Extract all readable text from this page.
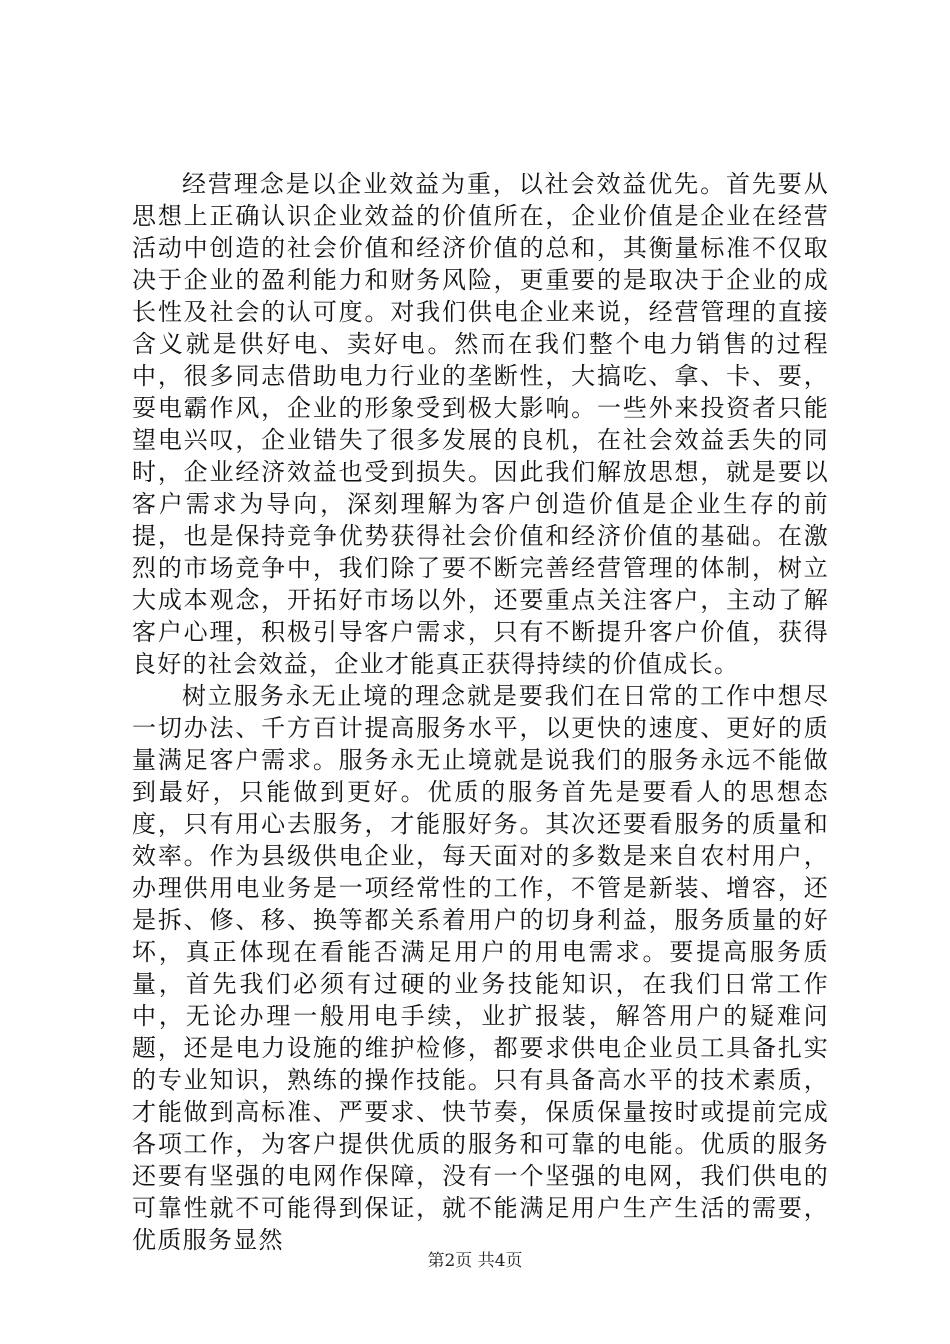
经营理念是以企业效益为重，以社会效益优先。首先要从思想上正确认识企业效益的价值所在，企业价值是企业在经营活动中创造的社会价值和经济价值的总和，其衡量标准不仅取决于企业的盈利能力和财务风险，更重要的是取决于企业的成长性及社会的认可度。对我们供电企业来说，经营管理的直接含义就是供好电、卖好电。然而在我们整个电力销售的过程中，很多同志借助电力行业的垄断性，大搞吃、拿、卡、要，耍电霸作风，企业的形象受到极大影响。一些外来投资者只能望电兴叹，企业错失了很多发展的良机，在社会效益丢失的同时，企业经济效益也受到损失。因此我们解放思想，就是要以客户需求为导向，深刻理解为客户创造价值是企业生存的前提，也是保持竞争优势获得社会价值和经济价值的基础。在激烈的市场竞争中，我们除了要不断完善经营管理的体制，树立大成本观念，开拓好市场以外，还要重点关注客户，主动了解客户心理，积极引导客户需求，只有不断提升客户价值，获得良好的社会效益，企业才能真正获得持续的价值成长。

树立服务永无止境的理念就是要我们在日常的工作中想尽一切办法、千方百计提高服务水平，以更快的速度、更好的质量满足客户需求。服务永无止境就是说我们的服务永远不能做到最好，只能做到更好。优质的服务首先是要看人的思想态度，只有用心去服务，才能服好务。其次还要看服务的质量和效率。作为县级供电企业，每天面对的多数是来自农村用户，办理供用电业务是一项经常性的工作，不管是新装、增容，还是拆、修、移、换等都关系着用户的切身利益，服务质量的好坏，真正体现在看能否满足用户的用电需求。要提高服务质量，首先我们必须有过硬的业务技能知识，在我们日常工作中，无论办理一般用电手续，业扩报装，解答用户的疑难问题，还是电力设施的维护检修，都要求供电企业员工具备扎实的专业知识，熟练的操作技能。只有具备高水平的技术素质，才能做到高标准、严要求、快节奏，保质保量按时或提前完成各项工作，为客户提供优质的服务和可靠的电能。优质的服务还要有坚强的电网作保障，没有一个坚强的电网，我们供电的可靠性就不可能得到保证，就不能满足用户生产生活的需要，优质服务显然

第2页 共4页
